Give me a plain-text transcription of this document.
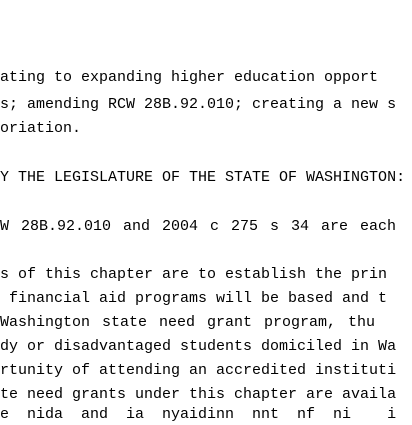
ating to expanding higher education opport
s; amending RCW 28B.92.010; creating a new s
oriation.
Y THE LEGISLATURE OF THE STATE OF WASHINGTON:
W 28B.92.010 and 2004 c 275 s 34 are each
s of this chapter are to establish the prin
financial aid programs will be based and t
Washington state need grant program, thu
dy or disadvantaged students domiciled in Wa
rtunity of attending an accredited instituti
te need grants under this chapter are availa
e  nida  and  ia  nyaidinn  nnt  nf  ni    i
